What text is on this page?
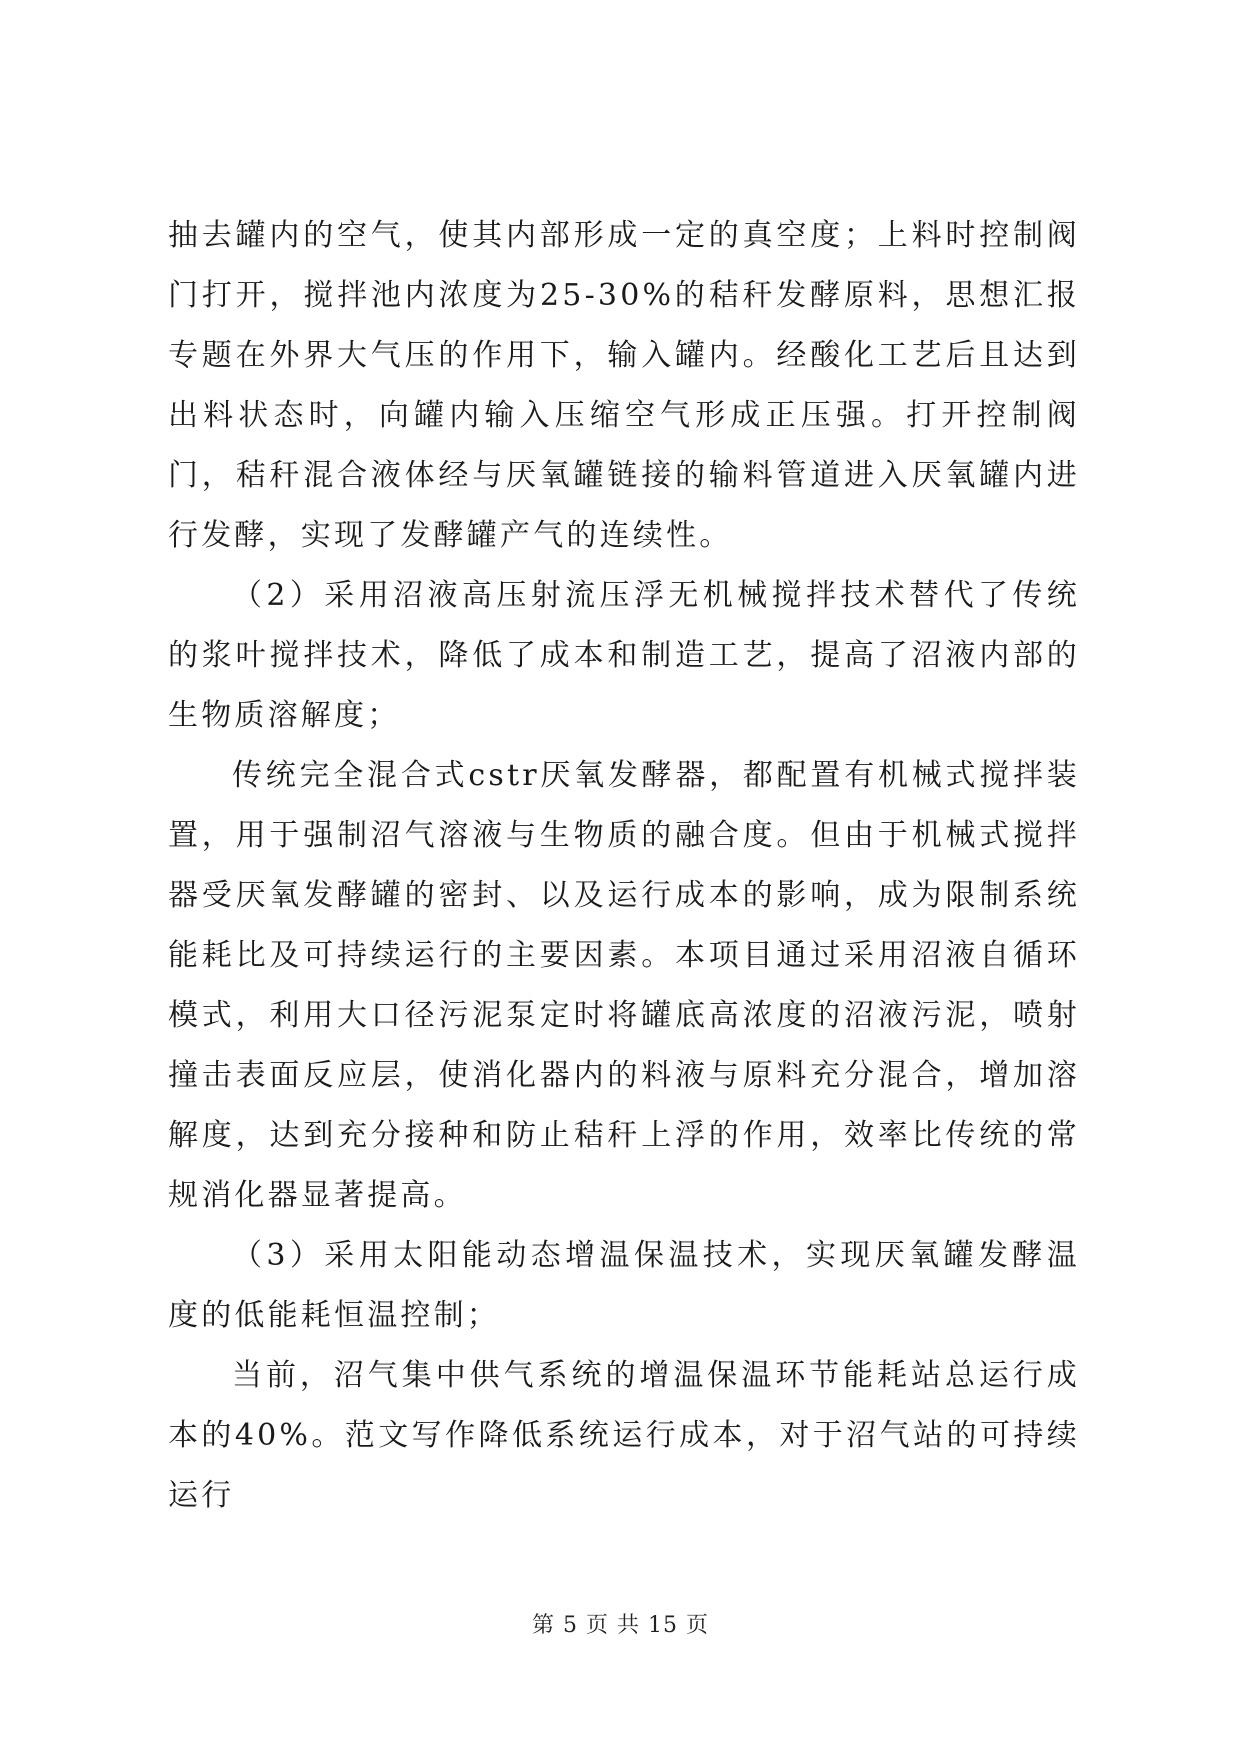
抽去罐内的空气，使其内部形成一定的真空度；上料时控制阀门打开，搅拌池内浓度为25-30%的秸秆发酵原料，思想汇报专题在外界大气压的作用下，输入罐内。经酸化工艺后且达到出料状态时，向罐内输入压缩空气形成正压强。打开控制阀门，秸秆混合液体经与厌氧罐链接的输料管道进入厌氧罐内进行发酵，实现了发酵罐产气的连续性。

（2）采用沼液高压射流压浮无机械搅拌技术替代了传统的浆叶搅拌技术，降低了成本和制造工艺，提高了沼液内部的生物质溶解度；

传统完全混合式cstr厌氧发酵器，都配置有机械式搅拌装置，用于强制沼气溶液与生物质的融合度。但由于机械式搅拌器受厌氧发酵罐的密封、以及运行成本的影响，成为限制系统能耗比及可持续运行的主要因素。本项目通过采用沼液自循环模式，利用大口径污泥泵定时将罐底高浓度的沼液污泥，喷射撞击表面反应层，使消化器内的料液与原料充分混合，增加溶解度，达到充分接种和防止秸秆上浮的作用，效率比传统的常规消化器显著提高。

（3）采用太阳能动态增温保温技术，实现厌氧罐发酵温度的低能耗恒温控制；

当前，沼气集中供气系统的增温保温环节能耗站总运行成本的40%。范文写作降低系统运行成本，对于沼气站的可持续运行

第 5 页 共 15 页
